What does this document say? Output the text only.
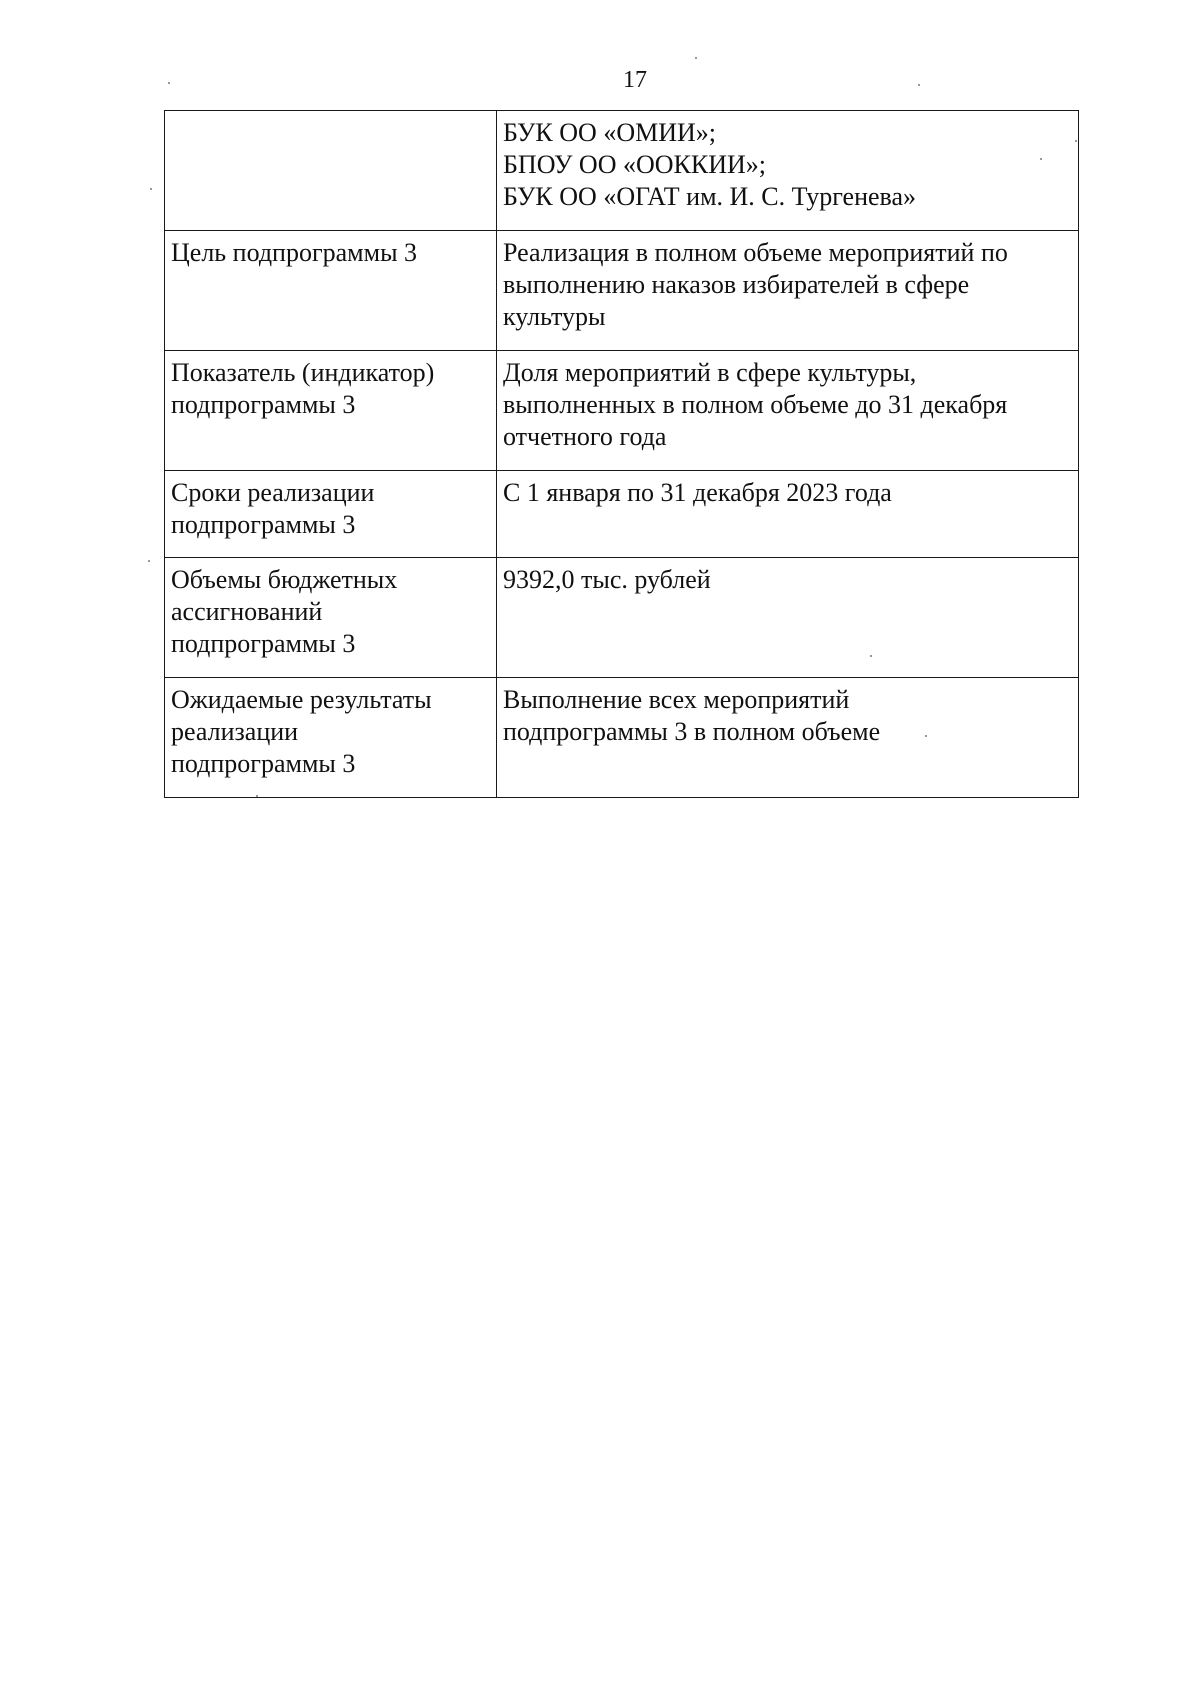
17

	БУК ОО «ОМИИ»;
БПОУ ОО «ООККИИ»;
БУК ОО «ОГАТ им. И. С. Тургенева»

Цель подпрограммы 3	Реализация в полном объеме мероприятий по
выполнению наказов избирателей в сфере
культуры

Показатель (индикатор)
подпрограммы 3	Доля мероприятий в сфере культуры,
выполненных в полном объеме до 31 декабря
отчетного года

Сроки реализации
подпрограммы 3	С 1 января по 31 декабря 2023 года

Объемы бюджетных
ассигнований
подпрограммы 3	9392,0 тыс. рублей

Ожидаемые результаты
реализации
подпрограммы 3	Выполнение всех мероприятий
подпрограммы 3 в полном объеме
